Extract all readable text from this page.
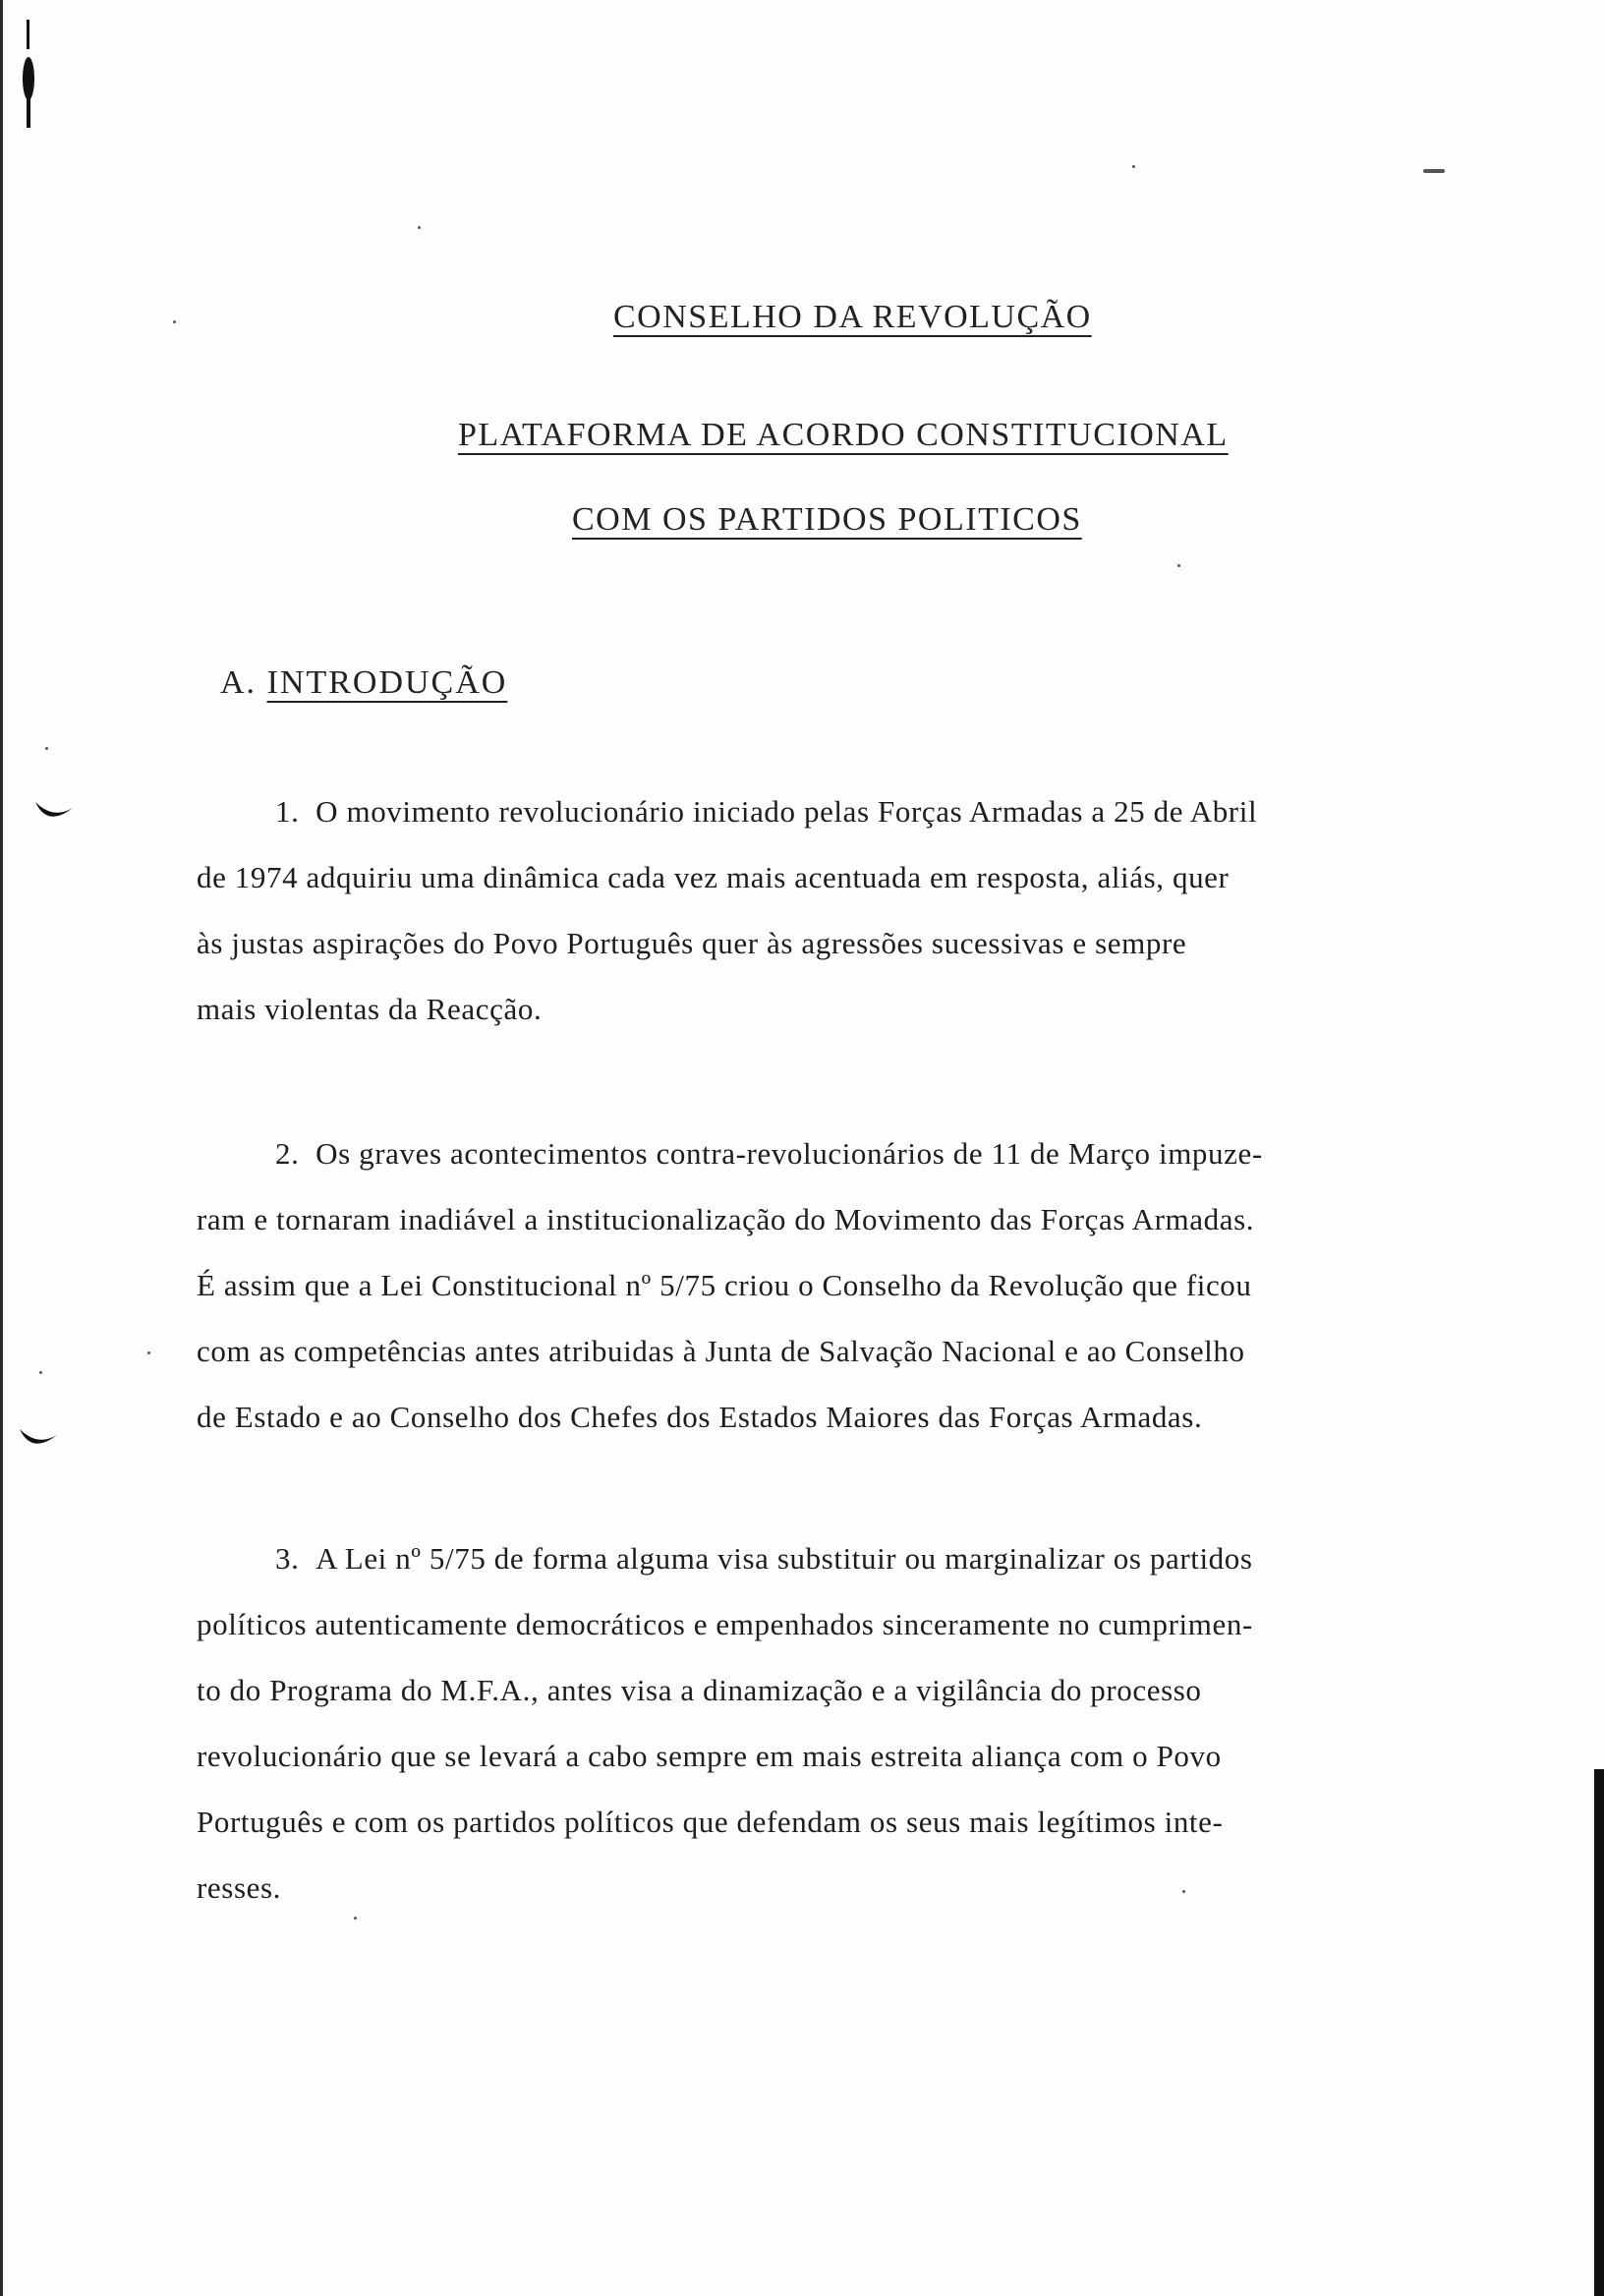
CONSELHO DA REVOLUÇÃO
PLATAFORMA DE ACORDO CONSTITUCIONAL
COM OS PARTIDOS POLITICOS
A. INTRODUÇÃO
1. O movimento revolucionário iniciado pelas Forças Armadas a 25 de Abril
de 1974 adquiriu uma dinâmica cada vez mais acentuada em resposta, aliás, quer
às justas aspirações do Povo Português quer às agressões sucessivas e sempre
mais violentas da Reacção.
2. Os graves acontecimentos contra-revolucionários de 11 de Março impuze-
ram e tornaram inadiável a institucionalização do Movimento das Forças Armadas.
É assim que a Lei Constitucional nº 5/75 criou o Conselho da Revolução que ficou
com as competências antes atribuidas à Junta de Salvação Nacional e ao Conselho
de Estado e ao Conselho dos Chefes dos Estados Maiores das Forças Armadas.
3. A Lei nº 5/75 de forma alguma visa substituir ou marginalizar os partidos
políticos autenticamente democráticos e empenhados sinceramente no cumprimen-
to do Programa do M.F.A., antes visa a dinamização e a vigilância do processo
revolucionário que se levará a cabo sempre em mais estreita aliança com o Povo
Português e com os partidos políticos que defendam os seus mais legítimos inte-
resses.
